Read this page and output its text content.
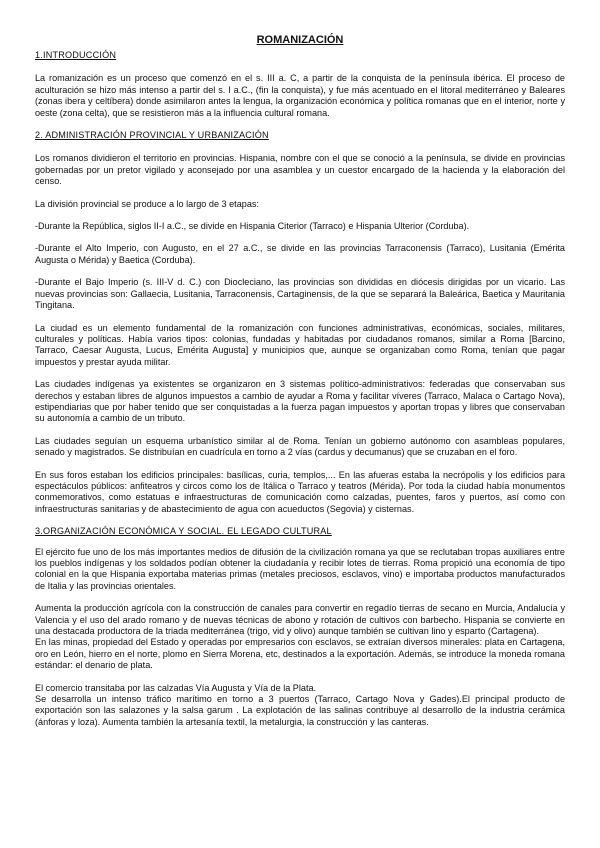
ROMANIZACIÓN
1.INTRODUCCIÓN

La romanización es un proceso que comenzó en el s. III a. C, a partir de la conquista de la península ibérica. El proceso de aculturación se hizo más intenso a partir del s. I a.C., (fin la conquista), y fue más acentuado en el litoral mediterráneo y Baleares (zonas ibera y celtíbera) donde asimilaron antes la lengua, la organización económica y política romanas que en el interior, norte y oeste (zona celta), que se resistieron más a la influencia cultural romana.

2. ADMINISTRACIÓN PROVINCIAL Y URBANIZACIÓN

Los romanos dividieron el territorio en provincias. Hispania, nombre con el que se conoció a la península, se divide en provincias gobernadas por un pretor vigilado y aconsejado por una asamblea y un cuestor encargado de la hacienda y la elaboración del censo.

La división provincial se produce a lo largo de 3 etapas:

-Durante la República, siglos II-I a.C., se divide en Hispania Citerior (Tarraco) e Hispania Ulterior (Corduba).

-Durante el Alto Imperio, con Augusto, en el 27 a.C., se divide en las provincias Tarraconensis (Tarraco), Lusitania (Emérita Augusta o Mérida) y Baetica (Corduba).

-Durante el Bajo Imperio (s. III-V d. C.) con Diocleciano, las provincias son divididas en diócesis dirigidas por un vicario. Las nuevas provincias son: Gallaecia, Lusitania, Tarraconensis, Cartaginensis, de la que se separará la Baleárica, Baetica y Mauritania Tingitana.

La ciudad es un elemento fundamental de la romanización con funciones administrativas, económicas, sociales, militares, culturales y políticas. Había varios tipos: colonias, fundadas y habitadas por ciudadanos romanos, similar a Roma [Barcino, Tarraco, Caesar Augusta, Lucus, Emérita Augusta] y municipios que, aunque se organizaban como Roma, tenían que pagar impuestos y prestar ayuda militar.

Las ciudades indígenas ya existentes se organizaron en 3 sistemas político-administrativos: federadas que conservaban sus derechos y estaban libres de algunos impuestos a cambio de ayudar a Roma y facilitar víveres (Tarraco, Malaca o Cartago Nova), estipendiarias que por haber tenido que ser conquistadas a la fuerza pagan impuestos y aportan tropas y libres que conservaban su autonomía a cambio de un tributo.

Las ciudades seguían un esquema urbanístico similar al de Roma. Tenían un gobierno autónomo con asambleas populares, senado y magistrados. Se distribuían en cuadrícula en torno a 2 vías (cardus y decumanus) que se cruzaban en el foro.

En sus foros estaban los edificios principales: basílicas, curia, templos,... En las afueras estaba la necrópolis y los edificios para espectáculos públicos: anfiteatros y circos como los de Itálica o Tarraco y teatros (Mérida). Por toda la ciudad había monumentos conmemorativos, como estatuas e infraestructuras de comunicación como calzadas, puentes, faros y puertos, así como con infraestructuras sanitarias y de abastecimiento de agua con acueductos (Segovia) y cisternas.

3.ORGANIZACIÓN ECONÓMICA Y SOCIAL. EL LEGADO CULTURAL

El ejército fue uno de los más importantes medios de difusión de la civilización romana ya que se reclutaban tropas auxiliares entre los pueblos indígenas y los soldados podían obtener la ciudadanía y recibir lotes de tierras. Roma propició una economía de tipo colonial en la que Hispania exportaba materias primas (metales preciosos, esclavos, vino) e importaba productos manufacturados de Italia y las provincias orientales.

Aumenta la producción agrícola con la construcción de canales para convertir en regadío tierras de secano en Murcia, Andalucía y Valencia y el uso del arado romano y de nuevas técnicas de abono y rotación de cultivos con barbecho. Hispania se convierte en una destacada productora de la triada mediterránea (trigo, vid y olivo) aunque también se cultivan lino y esparto (Cartagena).

En las minas, propiedad del Estado y operadas por empresarios con esclavos, se extraían diversos minerales: plata en Cartagena, oro en León, hierro en el norte, plomo en Sierra Morena, etc, destinados a la exportación. Además, se introduce la moneda romana estándar: el denario de plata.

El comercio transitaba por las calzadas Vía Augusta y Vía de la Plata.

Se desarrolla un intenso tráfico marítimo en torno a 3 puertos (Tarraco, Cartago Nova y Gades).El principal producto de exportación son las salazones y la salsa garum . La explotación de las salinas contribuye al desarrollo de la industria cerámica (ánforas y loza). Aumenta también la artesanía textil, la metalurgia, la construcción y las canteras.
